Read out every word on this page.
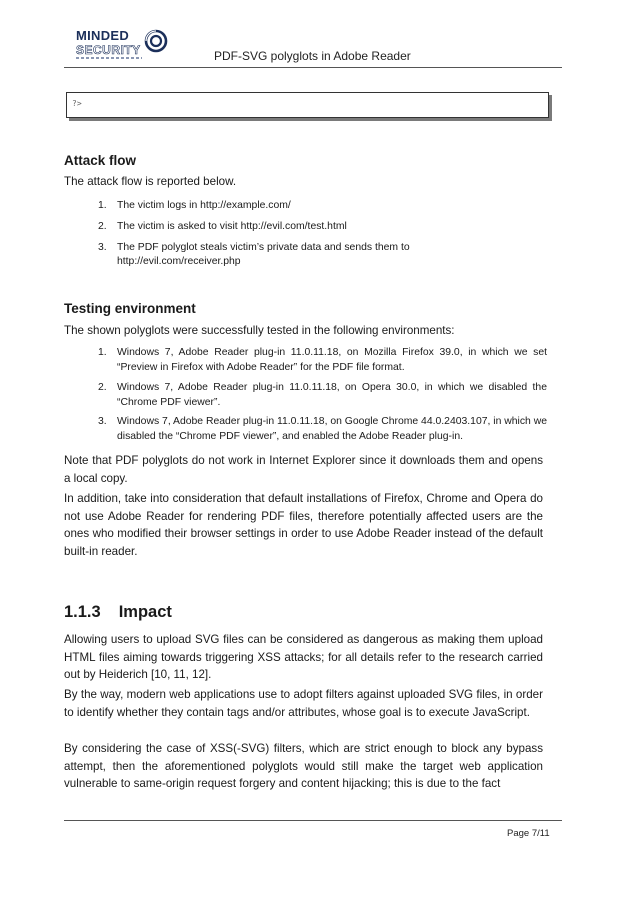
MINDED
SECURITY	PDF-SVG polyglots in Adobe Reader
?>
Attack flow
The attack flow is reported below.
1. The victim logs in http://example.com/
2. The victim is asked to visit http://evil.com/test.html
3. The PDF polyglot steals victim’s private data and sends them to
http://evil.com/receiver.php
Testing environment
The shown polyglots were successfully tested in the following environments:
1. Windows 7, Adobe Reader plug-in 11.0.11.18, on Mozilla Firefox 39.0, in which we set “Preview in Firefox with Adobe Reader” for the PDF file format.
2. Windows 7, Adobe Reader plug-in 11.0.11.18, on Opera 30.0, in which we disabled the “Chrome PDF viewer”.
3. Windows 7, Adobe Reader plug-in 11.0.11.18, on Google Chrome 44.0.2403.107, in which we disabled the “Chrome PDF viewer”, and enabled the Adobe Reader plug-in.
Note that PDF polyglots do not work in Internet Explorer since it downloads them and opens a local copy.
In addition, take into consideration that default installations of Firefox, Chrome and Opera do not use Adobe Reader for rendering PDF files, therefore potentially affected users are the ones who modified their browser settings in order to use Adobe Reader instead of the default built-in reader.
1.1.3 Impact
Allowing users to upload SVG files can be considered as dangerous as making them upload HTML files aiming towards triggering XSS attacks; for all details refer to the research carried out by Heiderich [10, 11, 12].
By the way, modern web applications use to adopt filters against uploaded SVG files, in order to identify whether they contain tags and/or attributes, whose goal is to execute JavaScript.
By considering the case of XSS(-SVG) filters, which are strict enough to block any bypass attempt, then the aforementioned polyglots would still make the target web application vulnerable to same-origin request forgery and content hijacking; this is due to the fact
Page 7/11
